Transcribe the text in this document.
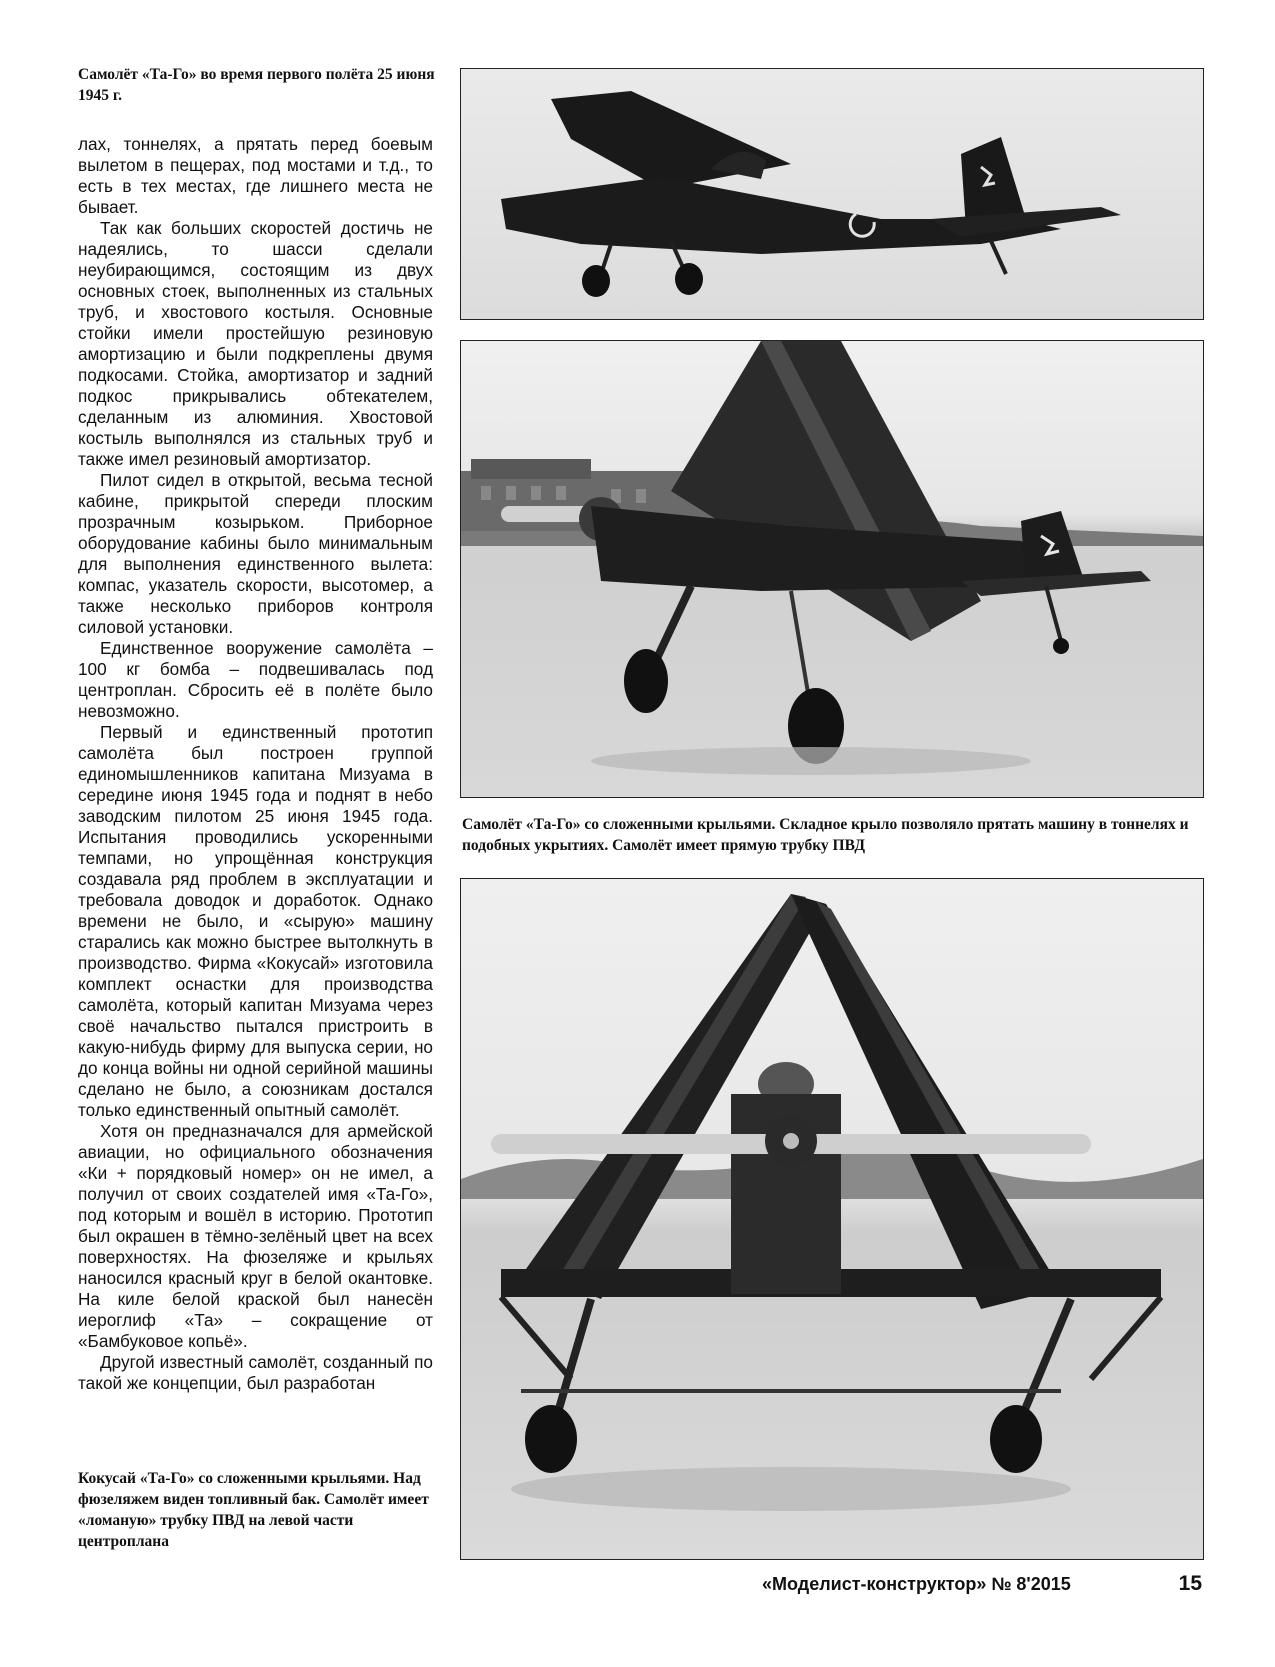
Самолёт «Та-Го» во время первого полёта 25 июня 1945 г.

лах, тоннелях, а прятать перед боевым вылетом в пещерах, под мостами и т.д., то есть в тех местах, где лишнего места не бывает.

Так как больших скоростей достичь не надеялись, то шасси сделали неубирающимся, состоящим из двух основных стоек, выполненных из стальных труб, и хвостового костыля. Основные стойки имели простейшую резиновую амортизацию и были подкреплены двумя подкосами. Стойка, амортизатор и задний подкос прикрывались обтекателем, сделанным из алюминия. Хвостовой костыль выполнялся из стальных труб и также имел резиновый амортизатор.

Пилот сидел в открытой, весьма тесной кабине, прикрытой спереди плоским прозрачным козырьком. Приборное оборудование кабины было минимальным для выполнения единственного вылета: компас, указатель скорости, высотомер, а также несколько приборов контроля силовой установки.

Единственное вооружение самолёта – 100 кг бомба – подвешивалась под центроплан. Сбросить её в полёте было невозможно.

Первый и единственный прототип самолёта был построен группой единомышленников капитана Мизуама в середине июня 1945 года и поднят в небо заводским пилотом 25 июня 1945 года. Испытания проводились ускоренными темпами, но упрощённая конструкция создавала ряд проблем в эксплуатации и требовала доводок и доработок. Однако времени не было, и «сырую» машину старались как можно быстрее вытолкнуть в производство. Фирма «Кокусай» изготовила комплект оснастки для производства самолёта, который капитан Мизуама через своё начальство пытался пристроить в какую-нибудь фирму для выпуска серии, но до конца войны ни одной серийной машины сделано не было, а союзникам достался только единственный опытный самолёт.

Хотя он предназначался для армейской авиации, но официального обозначения «Ки + порядковый номер» он не имел, а получил от своих создателей имя «Та-Го», под которым и вошёл в историю. Прототип был окрашен в тёмно-зелёный цвет на всех поверхностях. На фюзеляже и крыльях наносился красный круг в белой окантовке. На киле белой краской был нанесён иероглиф «Та» – сокращение от «Бамбуковое копьё».

Другой известный самолёт, созданный по такой же концепции, был разработан

Кокусай «Та-Го» со сложенными крыльями. Над фюзеляжем виден топливный бак. Самолёт имеет «ломаную» трубку ПВД на левой части центроплана
Самолёт «Та-Го» со сложенными крыльями. Складное крыло позволяло прятать машину в тоннелях и подобных укрытиях. Самолёт имеет прямую трубку ПВД
«Моделист-конструктор» № 8'2015	15
